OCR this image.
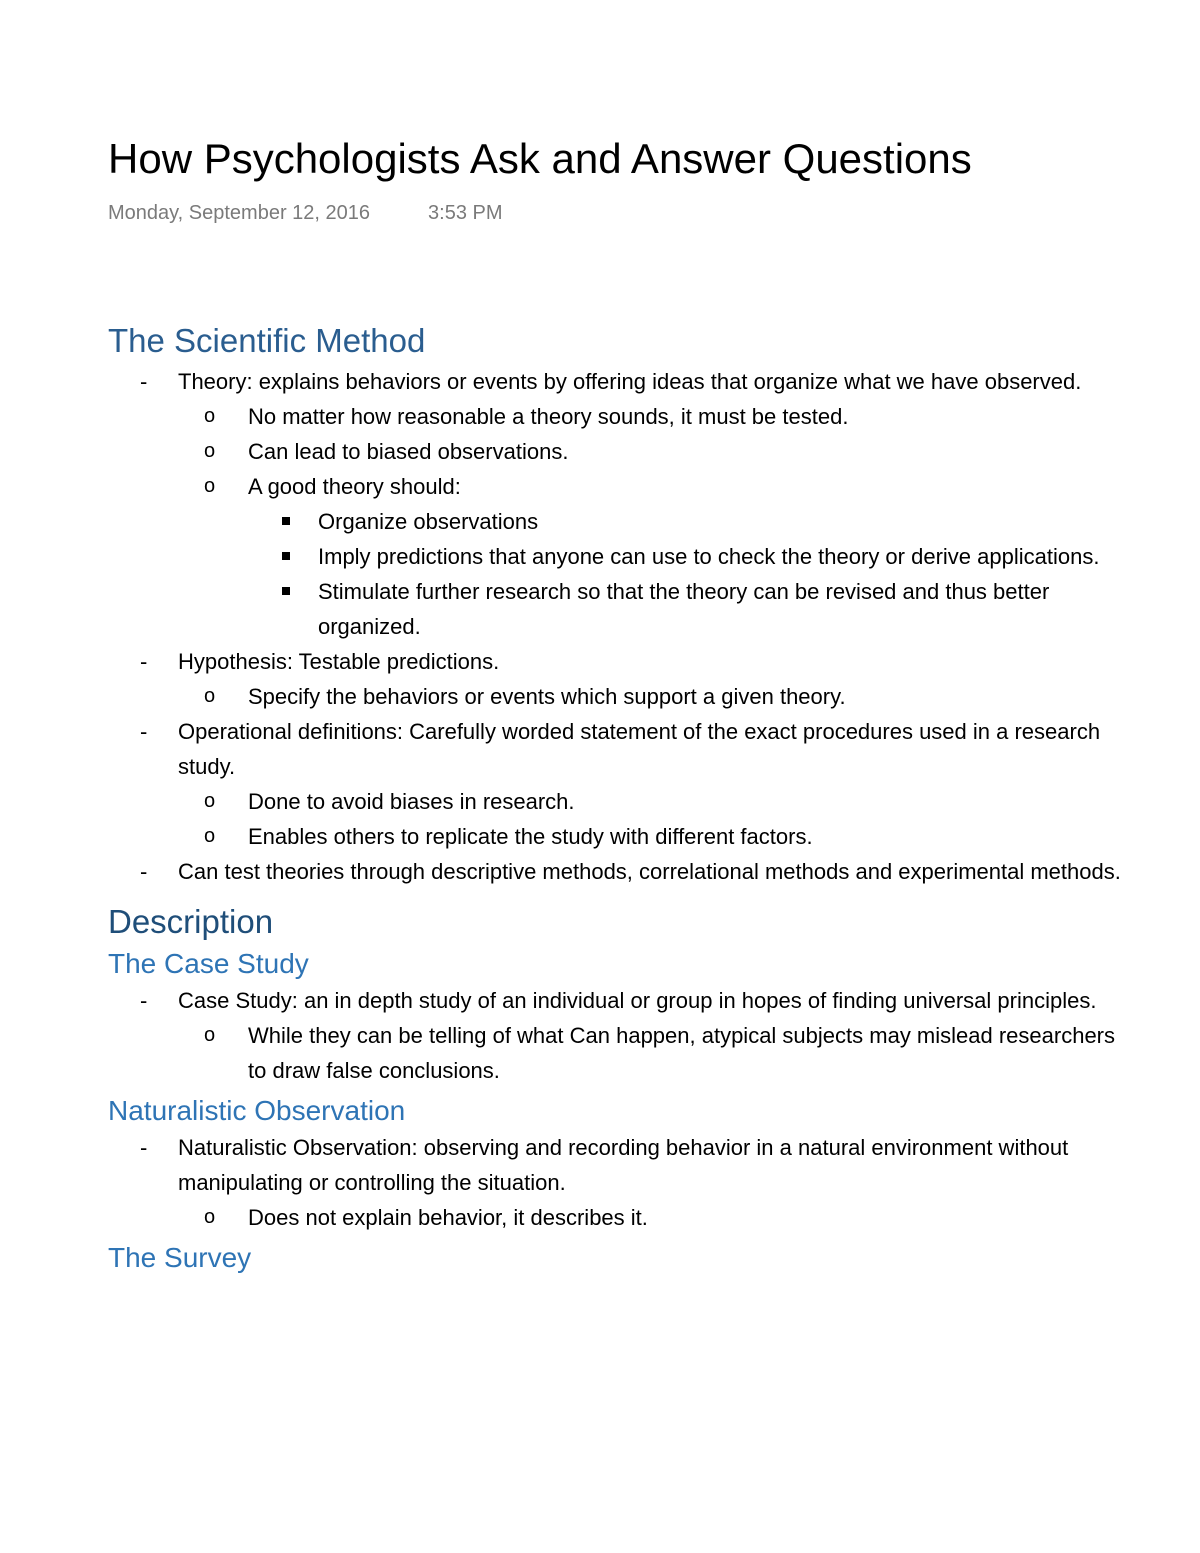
How Psychologists Ask and Answer Questions
Monday, September 12, 2016	3:53 PM
The Scientific Method
- Theory: explains behaviors or events by offering ideas that organize what we have observed.
o No matter how reasonable a theory sounds, it must be tested.
o Can lead to biased observations.
o A good theory should:
Organize observations
Imply predictions that anyone can use to check the theory or derive applications.
Stimulate further research so that the theory can be revised and thus better organized.
- Hypothesis: Testable predictions.
o Specify the behaviors or events which support a given theory.
- Operational definitions: Carefully worded statement of the exact procedures used in a research study.
o Done to avoid biases in research.
o Enables others to replicate the study with different factors.
- Can test theories through descriptive methods, correlational methods and experimental methods.
Description
The Case Study
- Case Study: an in depth study of an individual or group in hopes of finding universal principles.
o While they can be telling of what Can happen, atypical subjects may mislead researchers to draw false conclusions.
Naturalistic Observation
- Naturalistic Observation: observing and recording behavior in a natural environment without manipulating or controlling the situation.
o Does not explain behavior, it describes it.
The Survey
